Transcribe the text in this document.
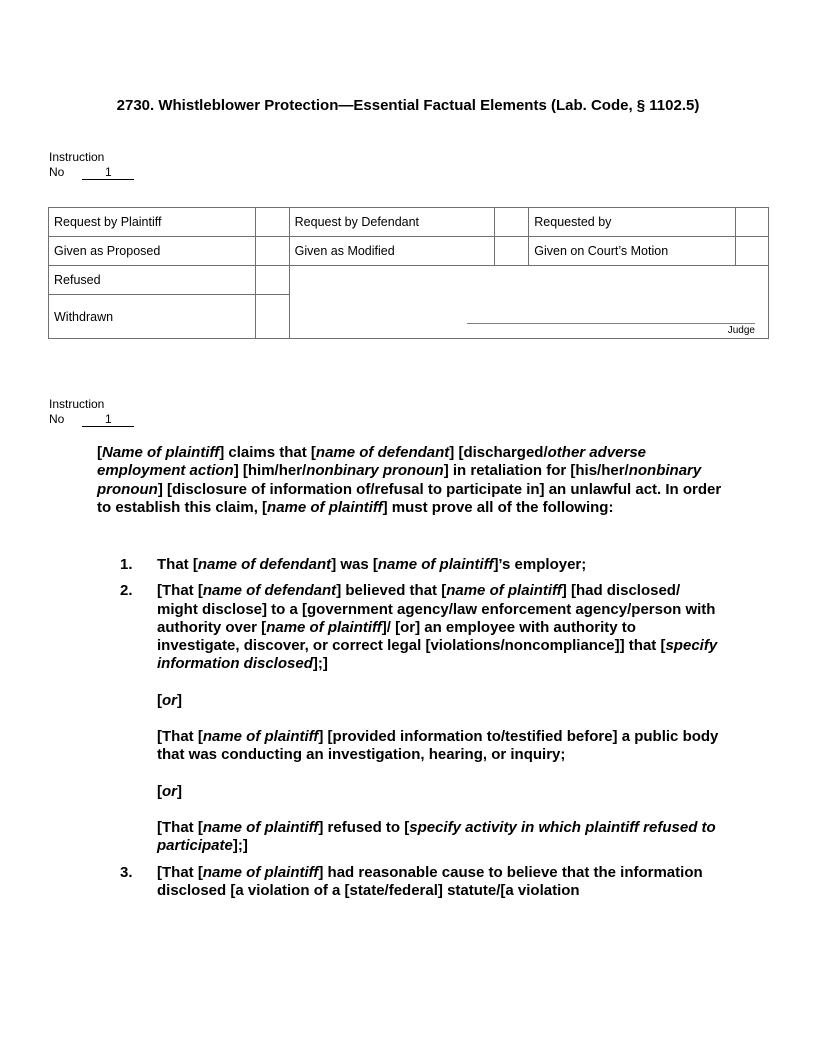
2730. Whistleblower Protection—Essential Factual Elements (Lab. Code, § 1102.5)
Instruction
No	1
Request by Plaintiff		Request by Defendant		Requested by	
Given as Proposed		Given as Modified		Given on Court’s Motion	
Refused		Judge			

Withdrawn					
Instruction
No	1

[Name of plaintiff] claims that [name of defendant] [discharged/other adverse employment action] [him/her/nonbinary pronoun] in retaliation for [his/her/nonbinary pronoun] [disclosure of information of/refusal to participate in] an unlawful act. In order to establish this claim, [name of plaintiff] must prove all of the following:

1.	That [name of defendant] was [name of plaintiff]’s employer;

2.	[That [name of defendant] believed that [name of plaintiff] [had disclosed/ might disclose] to a [government agency/law enforcement agency/person with authority over [name of plaintiff]/ [or] an employee with authority to investigate, discover, or correct legal [violations/noncompliance]] that [specify information disclosed];]

[or]

[That [name of plaintiff] [provided information to/testified before] a public body that was conducting an investigation, hearing, or inquiry;

[or]

[That [name of plaintiff] refused to [specify activity in which plaintiff refused to participate];]

3.	[That [name of plaintiff] had reasonable cause to believe that the information disclosed [a violation of a [state/federal] statute/[a violation
